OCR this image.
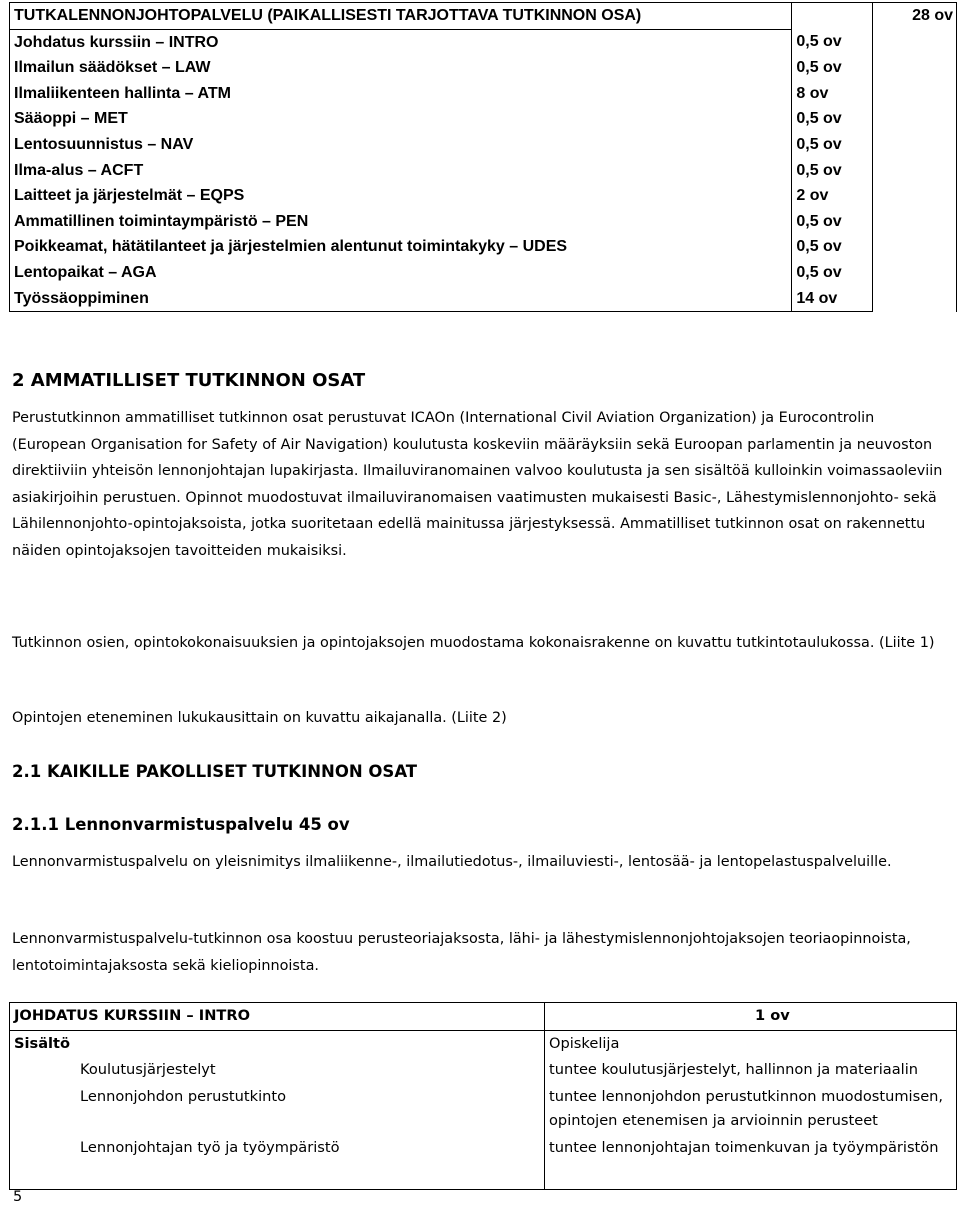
TUTKALENNONJOHTOPALVELU (PAIKALLISESTI TARJOTTAVA TUTKINNON OSA)		28 ov
Johdatus kurssiin – INTRO	0,5 ov	
Ilmailun säädökset – LAW	0,5 ov	
Ilmaliikenteen hallinta – ATM	8 ov	
Sääoppi – MET	0,5 ov	
Lentosuunnistus – NAV	0,5 ov	
Ilma-alus – ACFT	0,5 ov	
Laitteet ja järjestelmät – EQPS	2 ov	
Ammatillinen toimintaympäristö – PEN	0,5 ov	
Poikkeamat, hätätilanteet ja järjestelmien alentunut toimintakyky – UDES	0,5 ov	
Lentopaikat – AGA	0,5 ov	
Työssäoppiminen	14 ov	
2 AMMATILLISET TUTKINNON OSAT
Perustutkinnon ammatilliset tutkinnon osat perustuvat ICAOn (International Civil Aviation Organization) ja Eurocontrolin (European Organisation for Safety of Air Navigation) koulutusta koskeviin määräyksiin sekä Euroopan parlamentin ja neuvoston direktiiviin yhteisön lennonjohtajan lupakirjasta. Ilmailuviranomainen valvoo koulutusta ja sen sisältöä kulloinkin voimassaoleviin asiakirjoihin perustuen. Opinnot muodostuvat ilmailuviranomaisen vaatimusten mukaisesti Basic-, Lähestymislennonjohto- sekä Lähilennonjohto-opintojaksoista, jotka suoritetaan edellä mainitussa järjestyksessä. Ammatilliset tutkinnon osat on rakennettu näiden opintojaksojen tavoitteiden mukaisiksi.
Tutkinnon osien, opintokokonaisuuksien ja opintojaksojen muodostama kokonaisrakenne on kuvattu tutkintotaulukossa. (Liite 1)
Opintojen eteneminen lukukausittain on kuvattu aikajanalla. (Liite 2)
2.1 KAIKILLE PAKOLLISET TUTKINNON OSAT
2.1.1 Lennonvarmistuspalvelu 45 ov
Lennonvarmistuspalvelu on yleisnimitys ilmaliikenne-, ilmailutiedotus-, ilmailuviesti-, lentosää- ja lentopelastuspalveluille.
Lennonvarmistuspalvelu-tutkinnon osa koostuu perusteoriajaksosta, lähi- ja lähestymislennonjohtojaksojen teoriaopinnoista, lentotoimintajaksosta sekä kieliopinnoista.
JOHDATUS KURSSIIN – INTRO	1 ov
Sisältö	Opiskelija
Koulutusjärjestelyt	tuntee koulutusjärjestelyt, hallinnon ja materiaalin
Lennonjohdon perustutkinto	tuntee lennonjohdon perustutkinnon muodostumisen, opintojen etenemisen ja arvioinnin perusteet
Lennonjohtajan työ ja työympäristö	tuntee lennonjohtajan toimenkuvan ja työympäristön
5
